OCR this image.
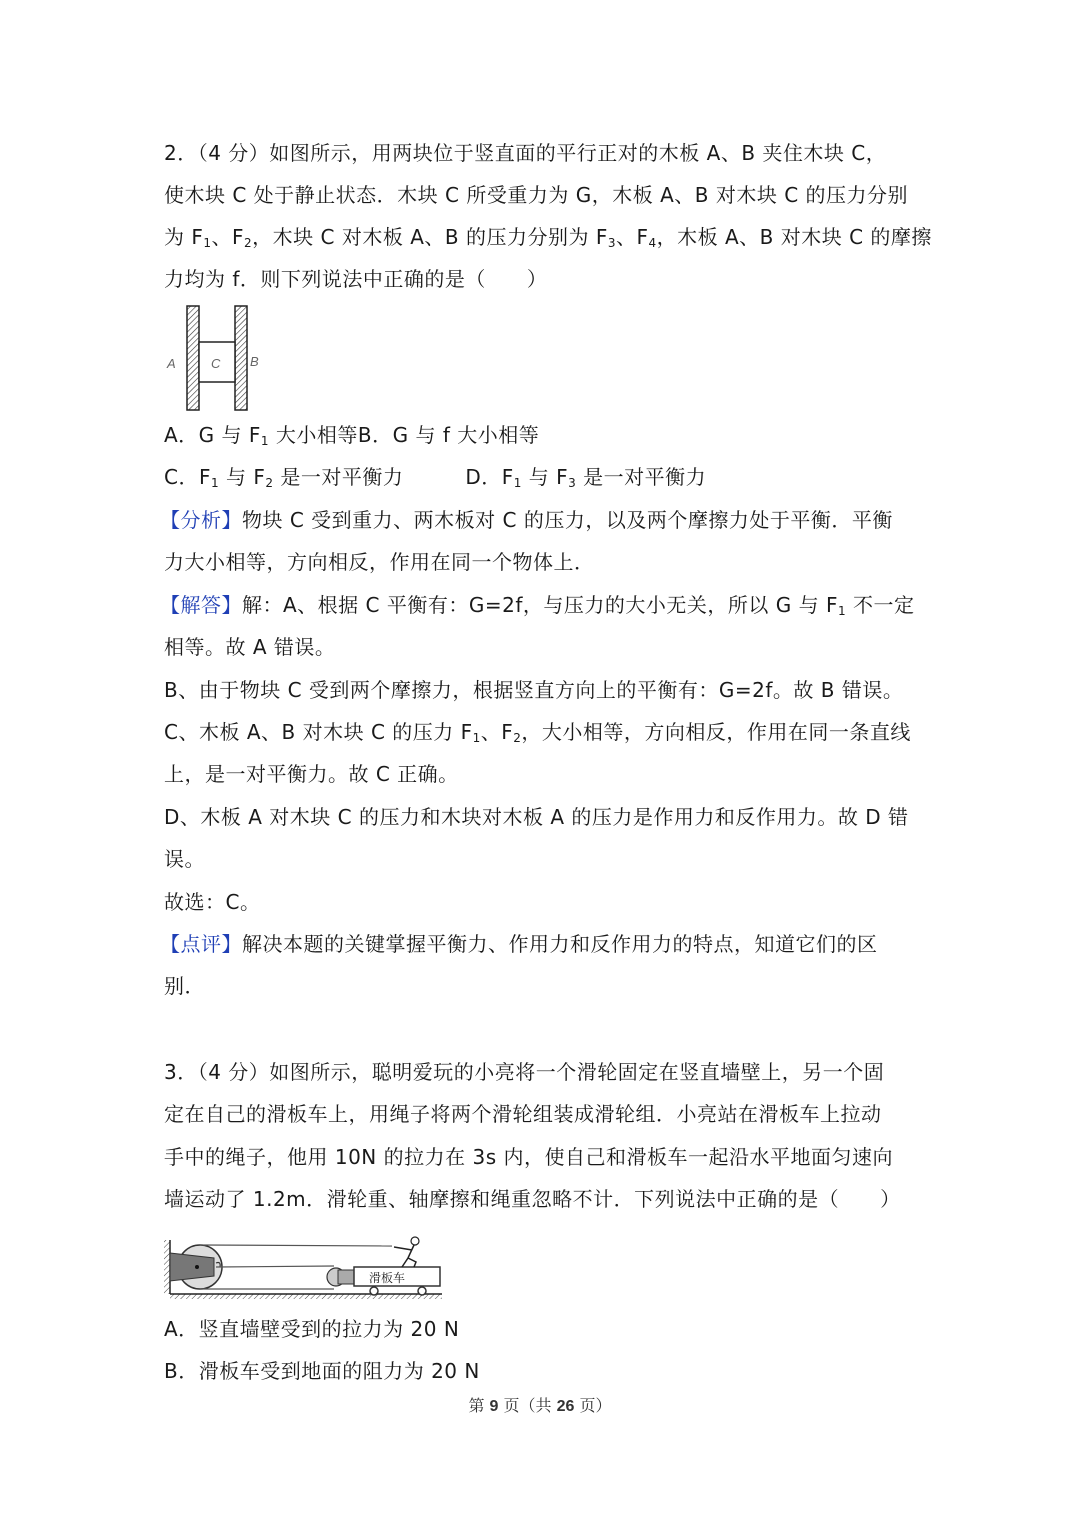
2．（4 分）如图所示，用两块位于竖直面的平行正对的木板 A、B 夹住木块 C，
使木块 C 处于静止状态．木块 C 所受重力为 G，木板 A、B 对木块 C 的压力分别
为 $F_1$、$F_2$，木块 C 对木板 A、B 的压力分别为 $F_3$、$F_4$，木板 A、B 对木块 C 的摩擦
力均为 f．则下列说法中正确的是（　　）
A	C B
A．G 与 $F_1$ 大小相等B．G 与 f 大小相等
C．$F_1$ 与 $F_2$ 是一对平衡力	D．$F_1$ 与 $F_3$ 是一对平衡力
【分析】物块 C 受到重力、两木板对 C 的压力，以及两个摩擦力处于平衡．平衡
力大小相等，方向相反，作用在同一个物体上．
【解答】解：A、根据 C 平衡有：G=2f，与压力的大小无关，所以 G 与 $F_1$ 不一定
相等。故 A 错误。
B、由于物块 C 受到两个摩擦力，根据竖直方向上的平衡有：G=2f。故 B 错误。
C、木板 A、B 对木块 C 的压力 $F_1$、$F_2$，大小相等，方向相反，作用在同一条直线
上，是一对平衡力。故 C 正确。
D、木板 A 对木块 C 的压力和木块对木板 A 的压力是作用力和反作用力。故 D 错
误。
故选：C。
【点评】解决本题的关键掌握平衡力、作用力和反作用力的特点，知道它们的区
别．
3．（4 分）如图所示，聪明爱玩的小亮将一个滑轮固定在竖直墙壁上，另一个固
定在自己的滑板车上，用绳子将两个滑轮组装成滑轮组．小亮站在滑板车上拉动
手中的绳子，他用 10N 的拉力在 3s 内，使自己和滑板车一起沿水平地面匀速向
墙运动了 1.2m．滑轮重、轴摩擦和绳重忽略不计．下列说法中正确的是（　　）
滑板车
A．竖直墙壁受到的拉力为 20 N
B．滑板车受到地面的阻力为 20 N
第 9 页（共 26 页）
